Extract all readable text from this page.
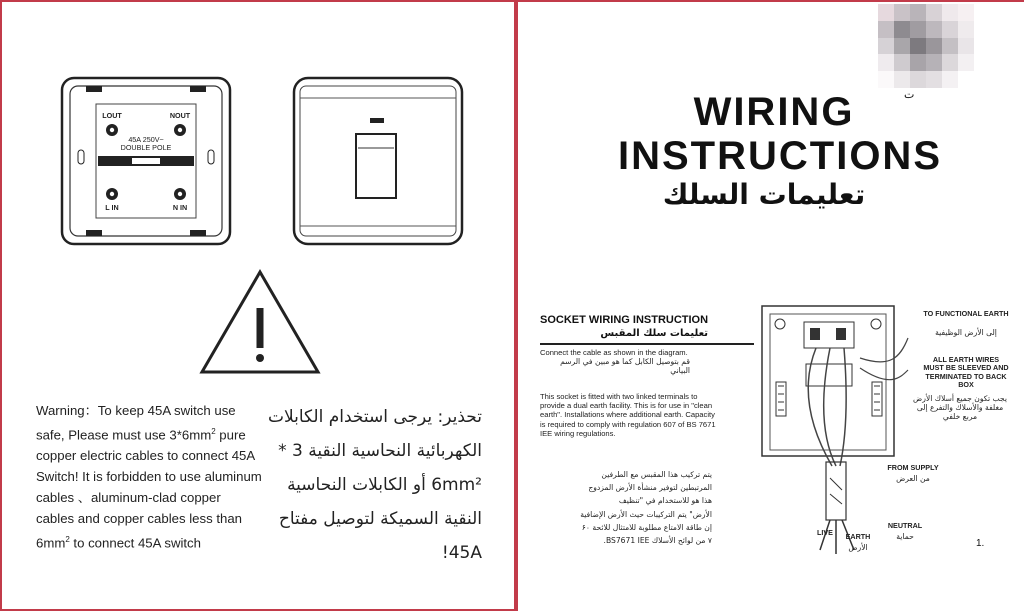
LOUT	NOUT
45A 250V~
DOUBLE POLE
L IN	N IN
Warning：To keep 45A switch use safe, Please must use $3*6mm^2$ pure copper electric cables to connect 45A Switch! It is forbidden to use aluminum cables 、aluminum-clad copper cables and copper cables less than $6mm^2$ to connect 45A switch
تحذير: يرجى استخدام الكابلات
الكهربائية النحاسية النقية 3 *
6mm² أو الكابلات النحاسية
النقية السميكة لتوصيل مفتاح
45A!
WIRING
INSTRUCTIONS
تعليمات السلك
ت
SOCKET WIRING INSTRUCTION
تعليمات سلك المقبس
Connect the cable as shown in the diagram.
قم بتوصيل الكابل كما هو مبين في الرسم البياني
This socket is fitted with two linked terminals to provide a dual earth facility. This is for use in "clean earth". Installations where additional earth. Capacity is required to comply with regulation 607 of BS 7671 IEE wiring regulations.
يتم تركيب هذا المقبس مع الطرفين
المرتبطين لتوفير منشأة الأرض المزدوج
هذا هو للاستخدام في "تنظيف
الأرض" يتم التركيبات حيث الأرض الإضافية
إن طاقة الامتاع مطلوبة للامتثال للائحة ۶۰
٧ من لوائح الأسلاك BS7671 IEE.
TO FUNCTIONAL EARTH
إلى الأرض الوظيفية
ALL EARTH WIRES MUST BE SLEEVED AND TERMINATED TO BACK BOX
يجب تكون جميع أسلاك الأرض مغلفة والأسلاك والتفرع إلى مربع خلفي
FROM SUPPLY
من العرض
LIVE	EARTH
الأرض
NEUTRAL
حماية
1.
